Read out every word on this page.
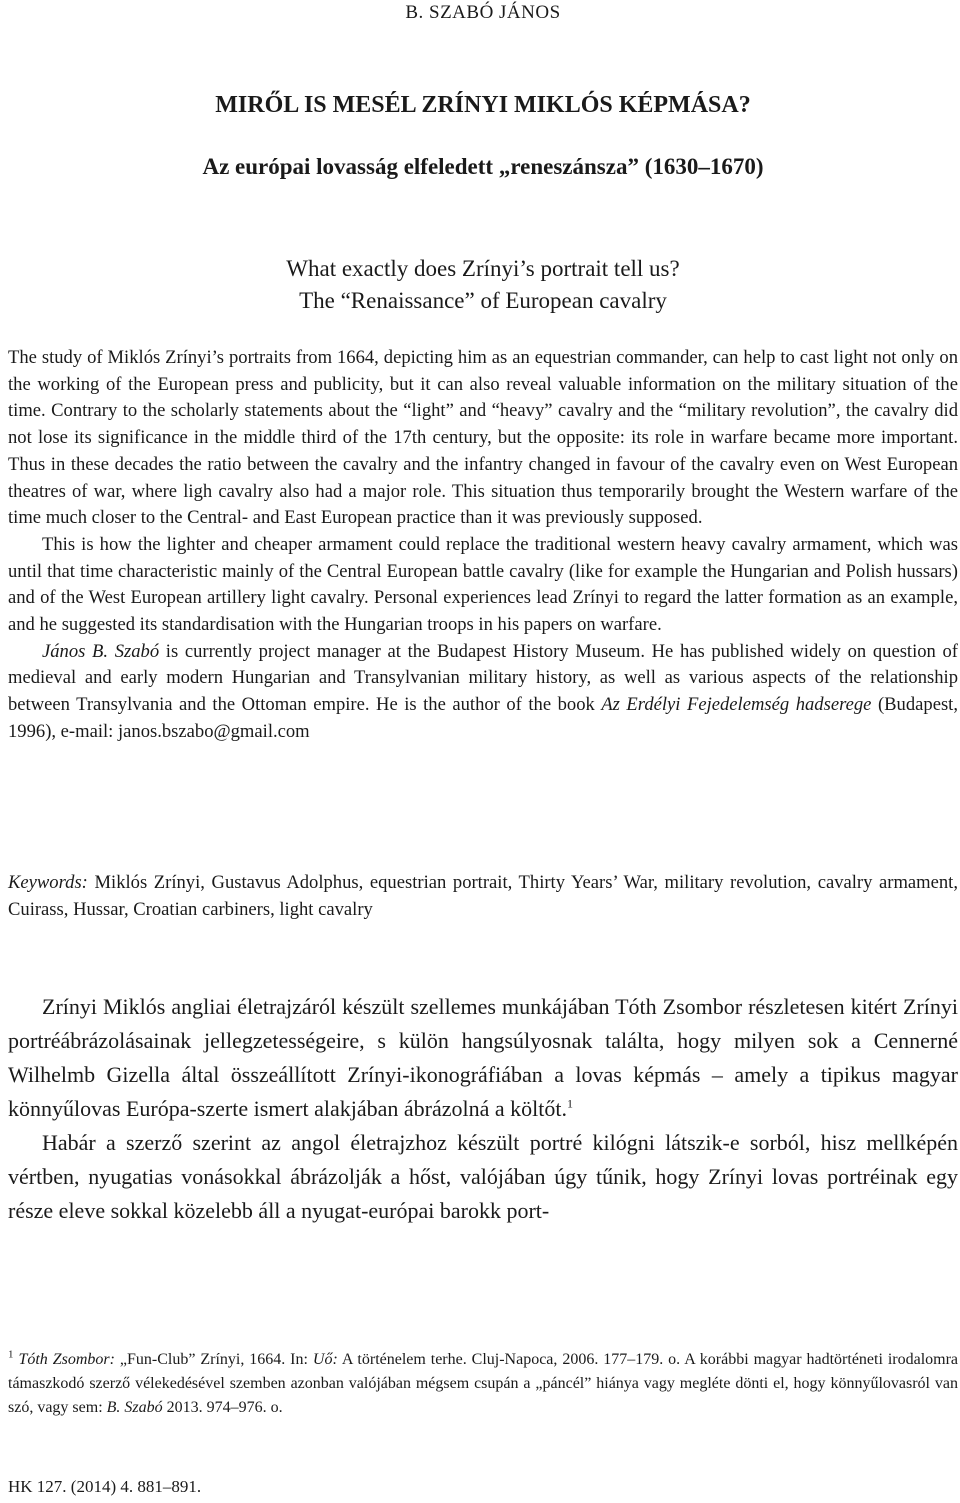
B. SZABÓ JÁNOS
MIRŐL IS MESÉL ZRÍNYI MIKLÓS KÉPMÁSA?
Az európai lovasság elfeledett „reneszánsza” (1630–1670)
What exactly does Zrínyi’s portrait tell us?
The “Renaissance” of European cavalry

The study of Miklós Zrínyi’s portraits from 1664, depicting him as an equestrian commander, can help to cast light not only on the working of the European press and publicity, but it can also reveal valuable information on the military situation of the time. Contrary to the scholarly statements about the “light” and “heavy” cavalry and the “military revolution”, the cavalry did not lose its significance in the middle third of the 17th century, but the opposite: its role in warfare became more important. Thus in these decades the ratio between the cavalry and the infantry changed in favour of the cavalry even on West European theatres of war, where ligh cavalry also had a major role. This situation thus temporarily brought the Western warfare of the time much closer to the Central- and East European practice than it was previously supposed.

This is how the lighter and cheaper armament could replace the traditional western heavy cavalry armament, which was until that time characteristic mainly of the Central European battle cavalry (like for example the Hungarian and Polish hussars) and of the West European artillery light cavalry. Personal experiences lead Zrínyi to regard the latter formation as an example, and he suggested its standardisation with the Hungarian troops in his papers on warfare.

János B. Szabó is currently project manager at the Budapest History Museum. He has published widely on question of medieval and early modern Hungarian and Transylvanian military history, as well as various aspects of the relationship between Transylvania and the Ottoman empire. He is the author of the book Az Erdélyi Fejedelemség hadserege (Budapest, 1996), e-mail: janos.bszabo@gmail.com

Keywords: Miklós Zrínyi, Gustavus Adolphus, equestrian portrait, Thirty Years’ War, military revolution, cavalry armament, Cuirass, Hussar, Croatian carbiners, light cavalry

Zrínyi Miklós angliai életrajzáról készült szellemes munkájában Tóth Zsombor részletesen kitért Zrínyi portréábrázolásainak jellegzetességeire, s külön hangsúlyosnak találta, hogy milyen sok a Cennerné Wilhelmb Gizella által összeállított Zrínyi-ikonográfiában a lovas képmás – amely a tipikus magyar könnyűlovas Európa-szerte ismert alakjában ábrázolná a költőt.$^1$

Habár a szerző szerint az angol életrajzhoz készült portré kilógni látszik-e sorból, hisz mellképén vértben, nyugatias vonásokkal ábrázolják a hőst, valójában úgy tűnik, hogy Zrínyi lovas portréinak egy része eleve sokkal közelebb áll a nyugat-európai barokk port-

$^1$ Tóth Zsombor: „Fun-Club” Zrínyi, 1664. In: Uő: A történelem terhe. Cluj-Napoca, 2006. 177–179. o. A korábbi magyar hadtörténeti irodalomra támaszkodó szerző vélekedésével szemben azonban valójában mégsem csupán a „páncél” hiánya vagy megléte dönti el, hogy könnyűlovasról van szó, vagy sem: B. Szabó 2013. 974–976. o.

HK 127. (2014) 4. 881–891.
